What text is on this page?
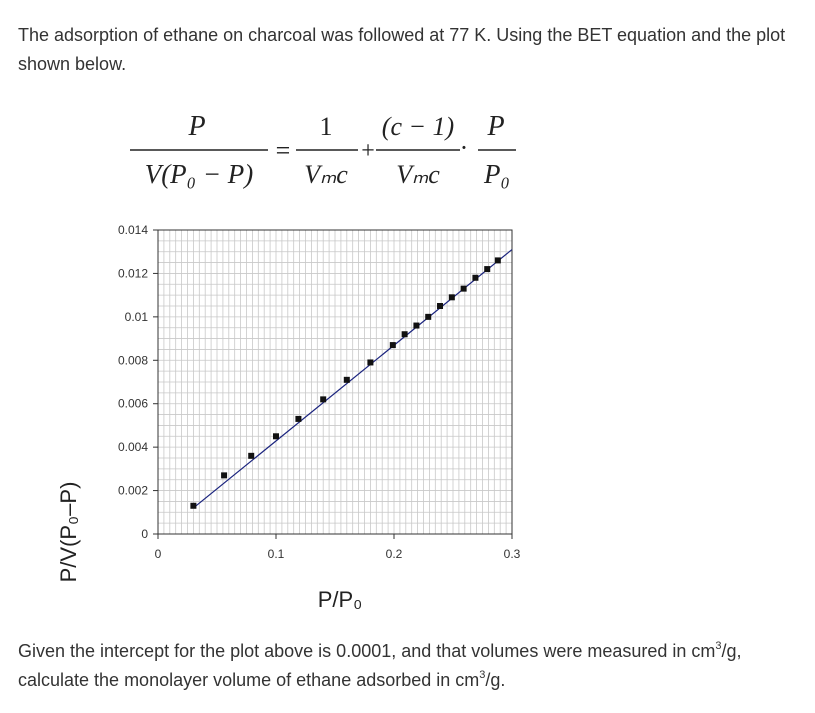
The adsorption of ethane on charcoal was followed at 77 K. Using the BET equation and the plot shown below.
P
V(P₀ − P)
=
1
Vₘc
+
(c − 1)
Vₘc
·
P
P₀
0
0.002
0.004
0.006
0.008
0.01
0.012
0.014
0	0.1	0.2	0.3
P/P₀
P/V(P₀–P)
Given the intercept for the plot above is 0.0001, and that volumes were measured in $cm^3/g$,
calculate the monolayer volume of ethane adsorbed in $cm^3/g$.
